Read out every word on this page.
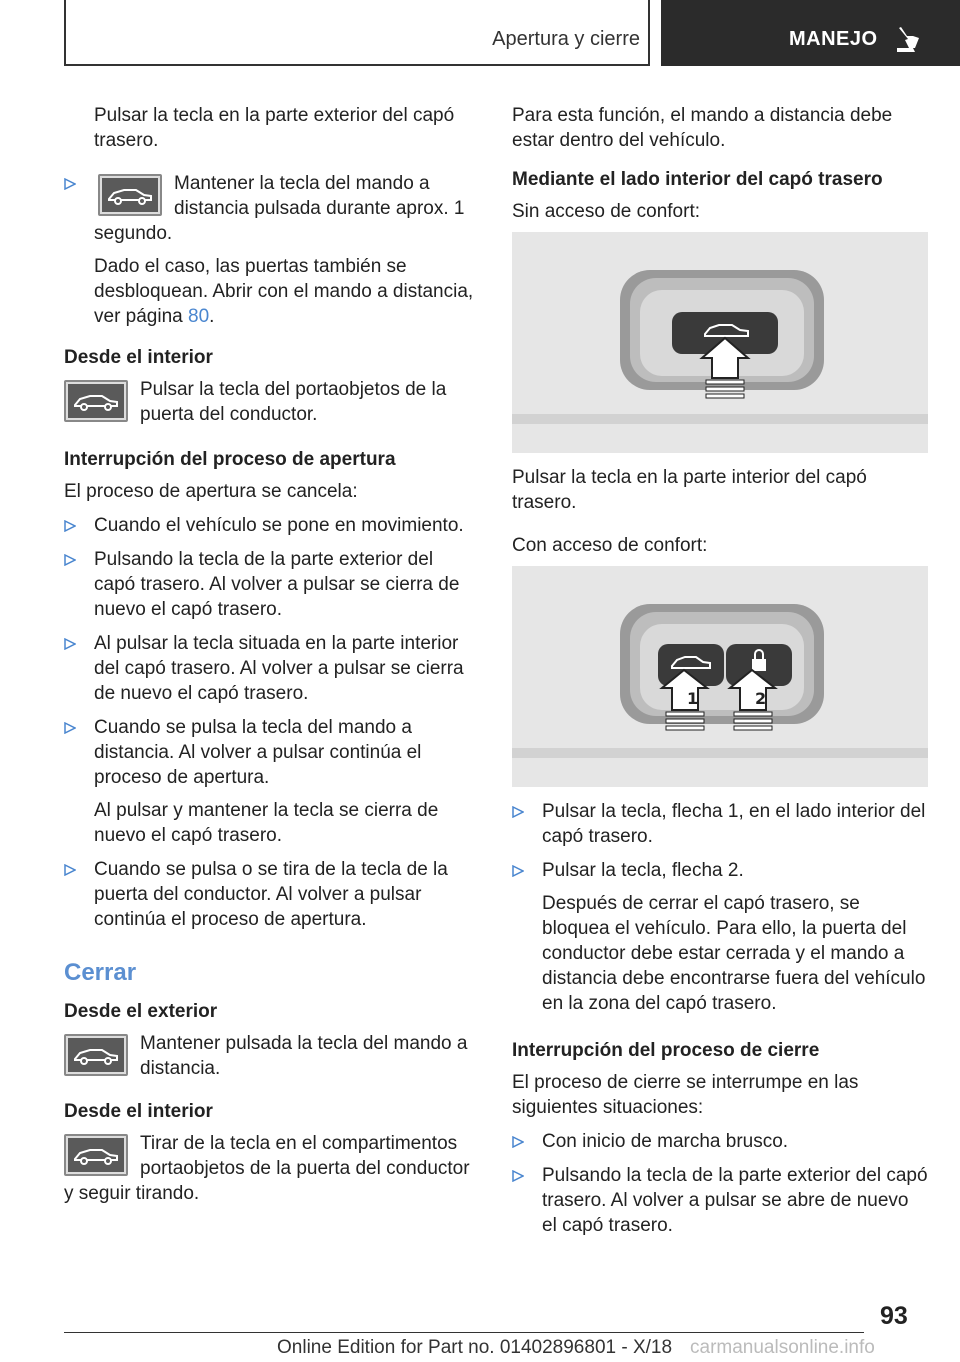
Apertura y cierre	MANEJO
Pulsar la tecla en la parte exterior del capó trasero.
Mantener la tecla del mando a distancia pulsada durante aprox. 1 segundo.
Dado el caso, las puertas también se desbloquean. Abrir con el mando a distancia, ver página 80.
Desde el interior
Pulsar la tecla del portaobjetos de la puerta del conductor.
Interrupción del proceso de apertura
El proceso de apertura se cancela:
Cuando el vehículo se pone en movimiento.
Pulsando la tecla de la parte exterior del capó trasero. Al volver a pulsar se cierra de nuevo el capó trasero.
Al pulsar la tecla situada en la parte interior del capó trasero. Al volver a pulsar se cierra de nuevo el capó trasero.
Cuando se pulsa la tecla del mando a distancia. Al volver a pulsar continúa el proceso de apertura.
Al pulsar y mantener la tecla se cierra de nuevo el capó trasero.
Cuando se pulsa o se tira de la tecla de la puerta del conductor. Al volver a pulsar continúa el proceso de apertura.
Cerrar
Desde el exterior
Mantener pulsada la tecla del mando a distancia.
Desde el interior
Tirar de la tecla en el compartimentos portaobjetos de la puerta del conductor y seguir tirando.
Para esta función, el mando a distancia debe estar dentro del vehículo.
Mediante el lado interior del capó trasero
Sin acceso de confort:
Pulsar la tecla en la parte interior del capó trasero.
Con acceso de confort:
1	2
Pulsar la tecla, flecha 1, en el lado interior del capó trasero.
Pulsar la tecla, flecha 2.
Después de cerrar el capó trasero, se bloquea el vehículo. Para ello, la puerta del conductor debe estar cerrada y el mando a distancia debe encontrarse fuera del vehículo en la zona del capó trasero.
Interrupción del proceso de cierre
El proceso de cierre se interrumpe en las siguientes situaciones:
Con inicio de marcha brusco.
Pulsando la tecla de la parte exterior del capó trasero. Al volver a pulsar se abre de nuevo el capó trasero.
93
Online Edition for Part no. 01402896801 - X/18 carmanualsonline.info
